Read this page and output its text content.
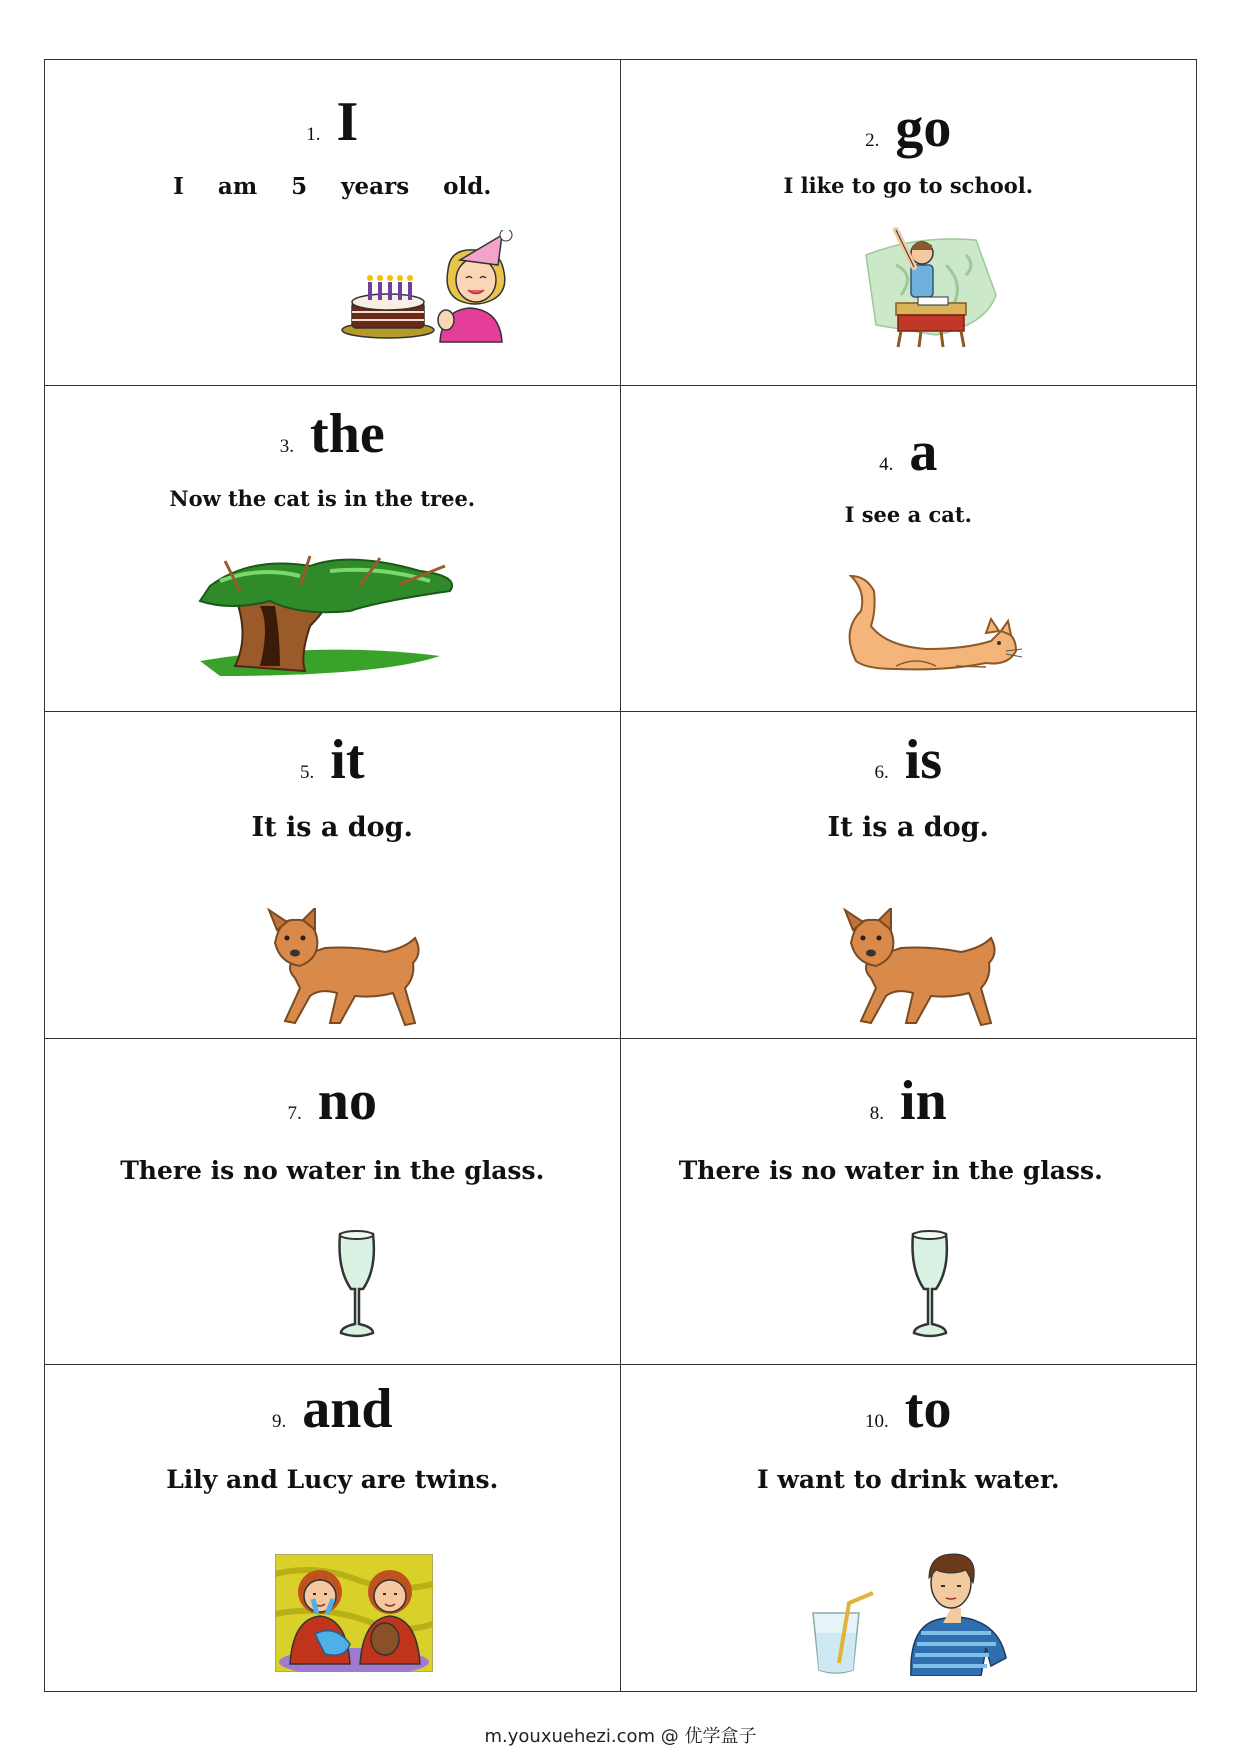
1. I
I am 5 years old.
2. go
I like to go to school.
3. the
Now the cat is in the tree.
4. a
I see a cat.
5. it
It is a dog.
6. is
It is a dog.
7. no
There is no water in the glass.
8. in
There is no water in the glass.
9. and
Lily and Lucy are twins.
10. to
I want to drink water.
m.youxuehezi.com @ 优学盒子
